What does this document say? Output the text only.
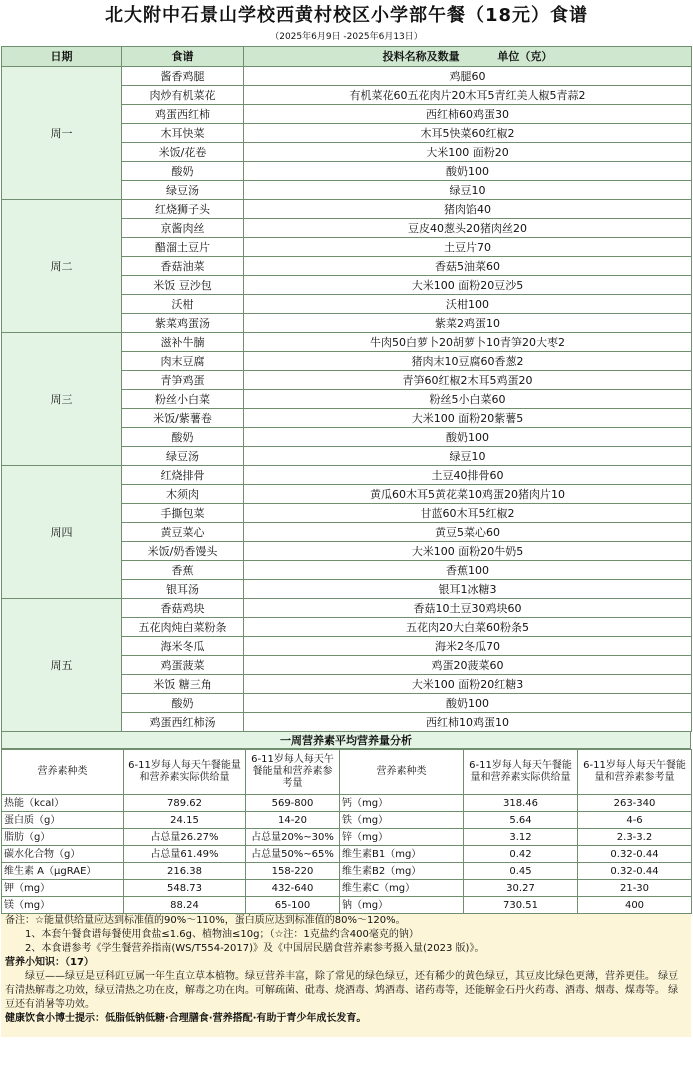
北大附中石景山学校西黄村校区小学部午餐（18元）食谱
（2025年6月9日 -2025年6月13日）
日期	食谱	投料名称及数量 单位（克）
周一	酱香鸡腿	鸡腿60
	肉炒有机菜花	有机菜花60五花肉片20木耳5青红美人椒5青蒜2
	鸡蛋西红柿	西红柿60鸡蛋30
	木耳快菜	木耳5快菜60红椒2
	米饭/花卷	大米100 面粉20
	酸奶	酸奶100
	绿豆汤	绿豆10
周二	红烧狮子头	猪肉馅40
	京酱肉丝	豆皮40葱头20猪肉丝20
	醋溜土豆片	土豆片70
	香菇油菜	香菇5油菜60
	米饭 豆沙包	大米100 面粉20豆沙5
	沃柑	沃柑100
	紫菜鸡蛋汤	紫菜2鸡蛋10
周三	滋补牛腩	牛肉50白萝卜20胡萝卜10青笋20大枣2
	肉末豆腐	猪肉末10豆腐60香葱2
	青笋鸡蛋	青笋60红椒2木耳5鸡蛋20
	粉丝小白菜	粉丝5小白菜60
	米饭/紫薯卷	大米100 面粉20紫薯5
	酸奶	酸奶100
	绿豆汤	绿豆10
周四	红烧排骨	土豆40排骨60
	木须肉	黄瓜60木耳5黄花菜10鸡蛋20猪肉片10
	手撕包菜	甘蓝60木耳5红椒2
	黄豆菜心	黄豆5菜心60
	米饭/奶香馒头	大米100 面粉20牛奶5
	香蕉	香蕉100
	银耳汤	银耳1冰糖3
周五	香菇鸡块	香菇10土豆30鸡块60
	五花肉炖白菜粉条	五花肉20大白菜60粉条5
	海米冬瓜	海米2冬瓜70
	鸡蛋菠菜	鸡蛋20菠菜60
	米饭 糖三角	大米100 面粉20红糖3
	酸奶	酸奶100
	鸡蛋西红柿汤	西红柿10鸡蛋10
一周营养素平均营养量分析
营养素种类	6-11岁每人每天午餐能量和营养素实际供给量	6-11岁每人每天午餐能量和营养素参考量	营养素种类	6-11岁每人每天午餐能量和营养素实际供给量	6-11岁每人每天午餐能量和营养素参考量
热能（kcal）	789.62	569-800	钙（mg）	318.46	263-340
蛋白质（g）	24.15	14-20	铁（mg）	5.64	4-6
脂肪（g）	占总量26.27%	占总量20%~30%	锌（mg）	3.12	2.3-3.2
碳水化合物（g）	占总量61.49%	占总量50%~65%	维生素B1（mg）	0.42	0.32-0.44
维生素 A（μgRAE）	216.38	158-220	维生素B2（mg）	0.45	0.32-0.44
钾（mg）	548.73	432-640	维生素C（mg）	30.27	21-30
镁（mg）	88.24	65-100	钠（mg）	730.51	400

备注：☆能量供给量应达到标准值的90%～110%，蛋白质应达到标准值的80%～120%。

1、本套午餐食谱每餐使用食盐≤1.6g、植物油≤10g；（☆注：1克盐约含400毫克的钠）

2、本食谱参考《学生餐营养指南(WS/T554-2017)》及《中国居民膳食营养素参考摄入量(2023 版)》。

营养小知识：（17）

绿豆——绿豆是豆科豇豆属一年生直立草本植物。绿豆营养丰富，除了常见的绿色绿豆，还有稀少的黄色绿豆，其豆皮比绿色更薄，营养更佳。 绿豆有清热解毒之功效，绿豆清热之功在皮，解毒之功在肉。可解疏菌、砒毒、烧酒毒、鸩酒毒、诸药毒等，还能解金石丹火药毒、酒毒、烟毒、煤毒等。 绿豆还有消暑等功效。

健康饮食小博士提示：低脂低钠低糖·合理膳食·营养搭配·有助于青少年成长发育。
